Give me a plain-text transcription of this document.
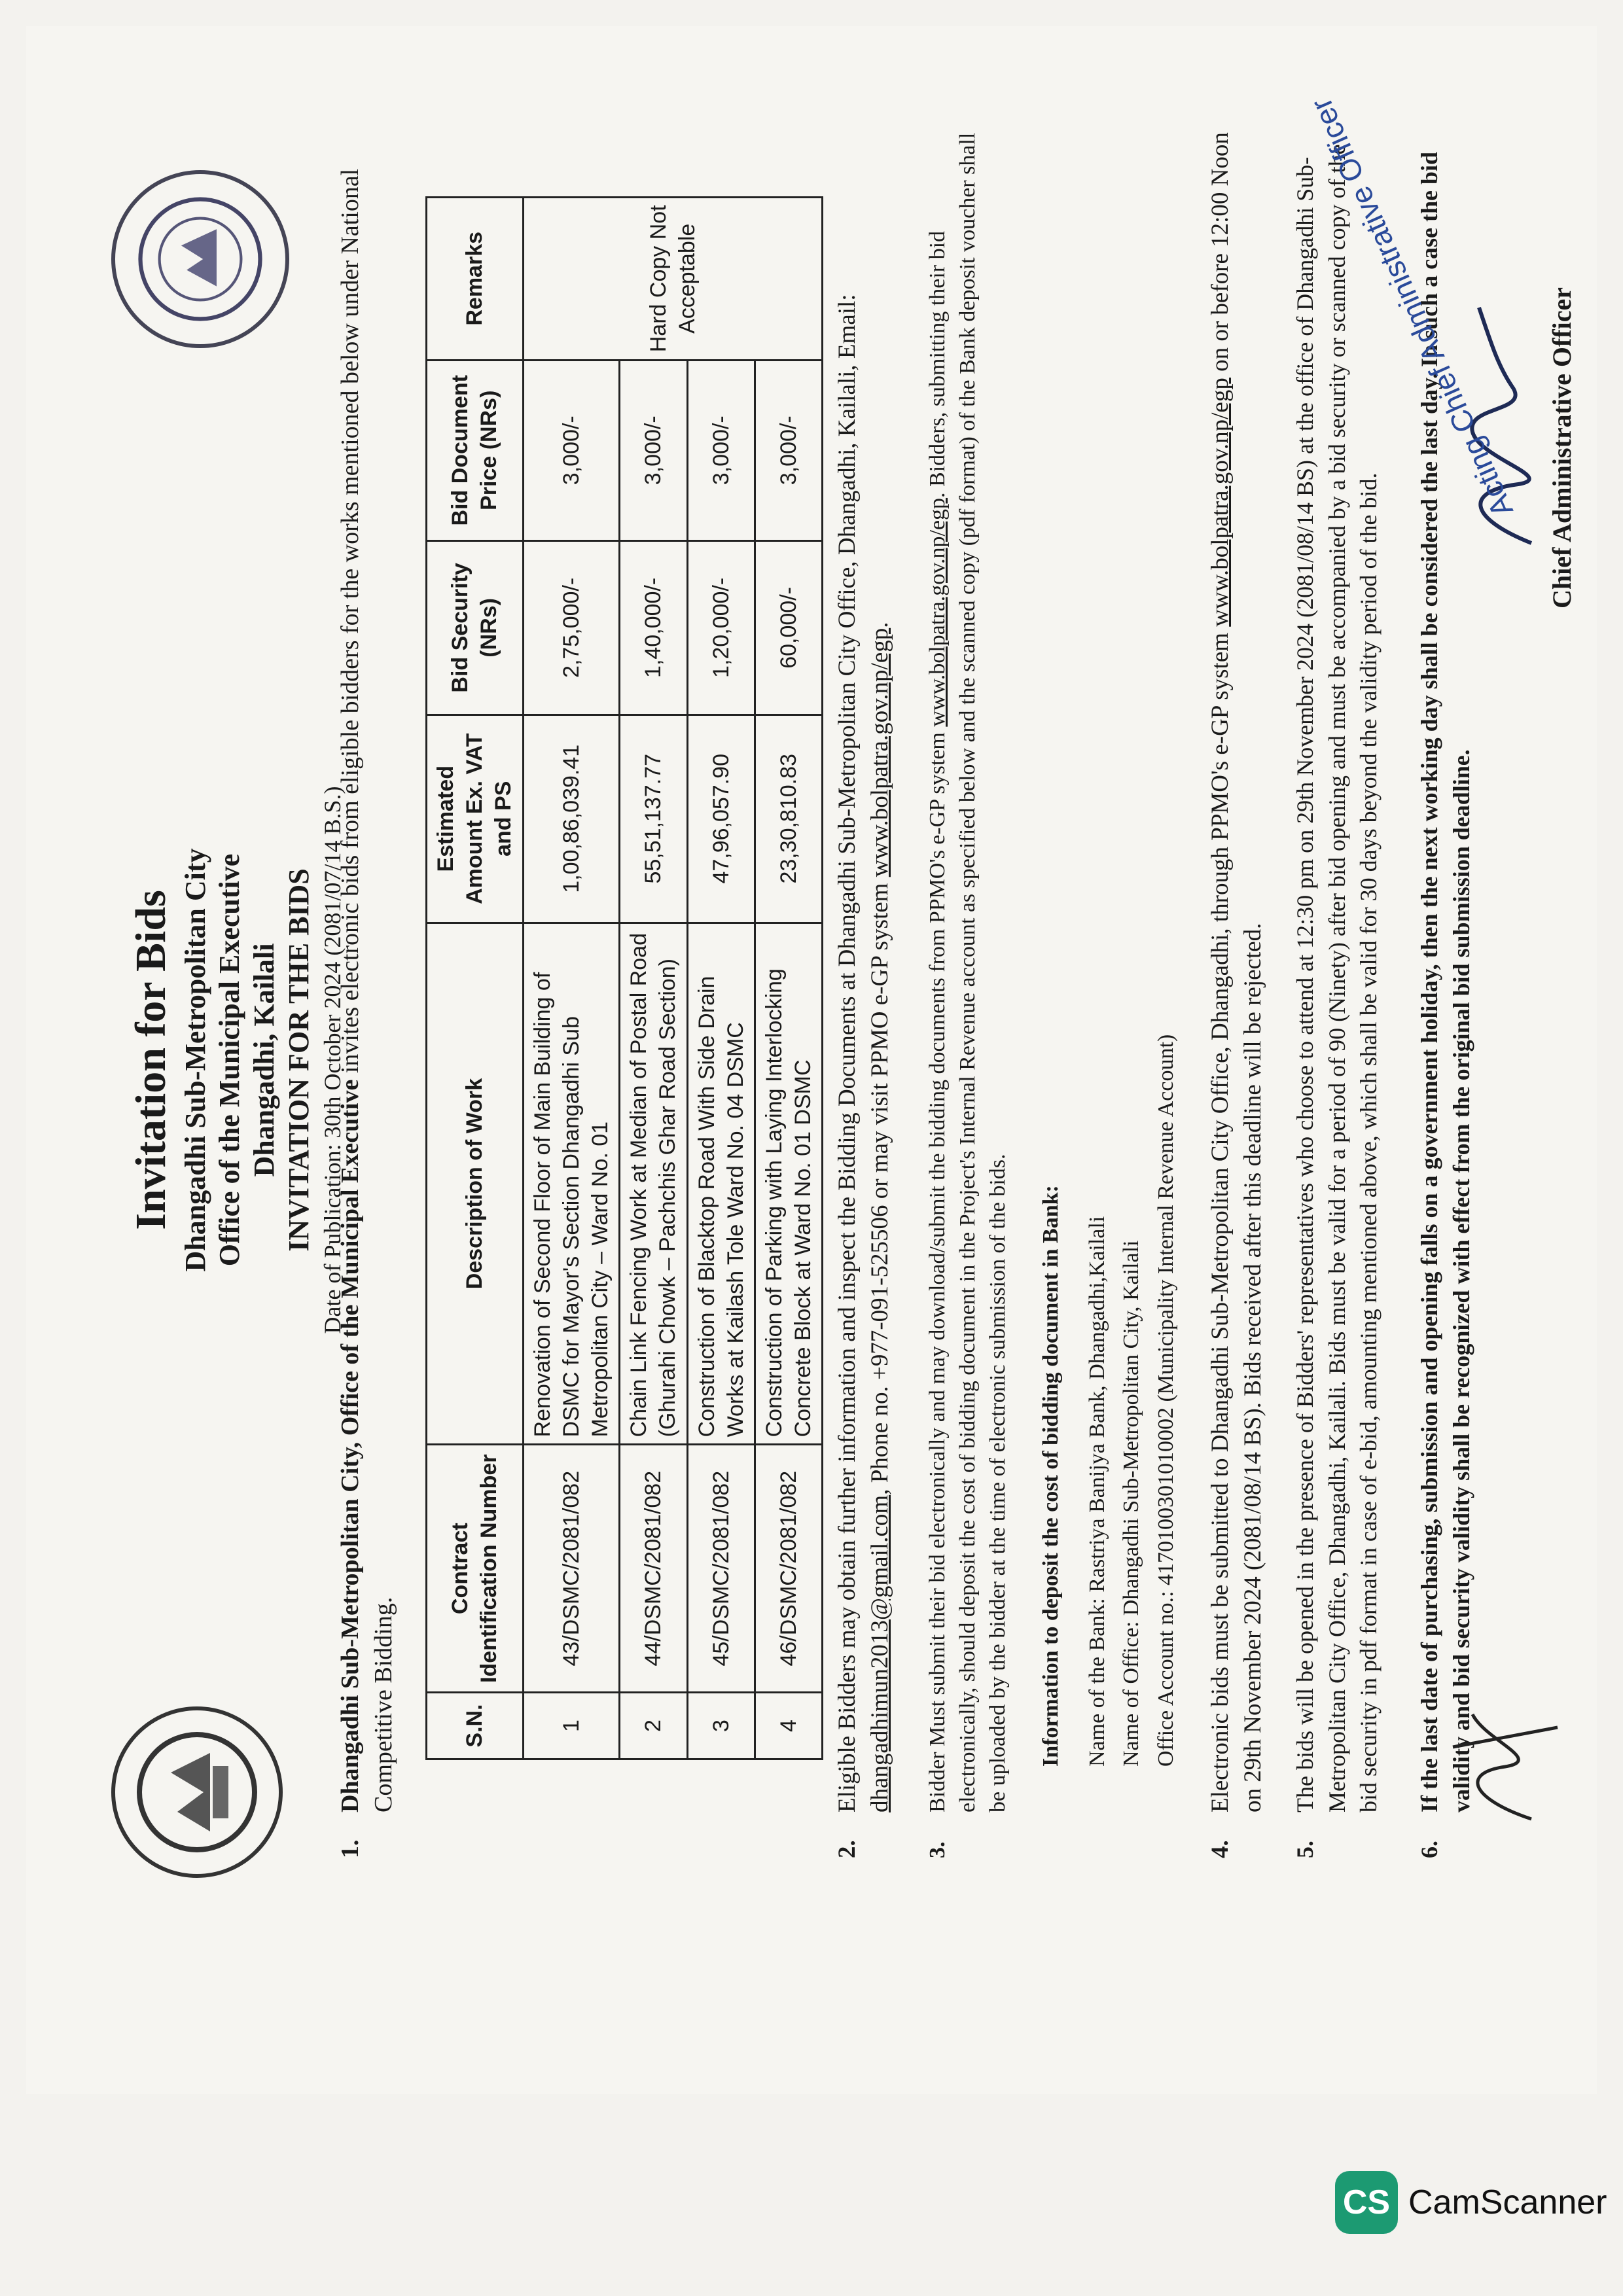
Invitation for Bids Dhangadhi Sub-Metropolitan City Office of the Municipal Executive Dhangadhi, Kailali INVITATION FOR THE BIDS Date of Publication: 30th October 2024 (2081/07/14 B.S.)
1.
Dhangadhi Sub-Metropolitan City, Office of the Municipal Executive invites electronic bids from eligible bidders for the works mentioned below under National Competitive Bidding.	S.N.	Contract Identification Number	Description of Work	Estimated Amount Ex. VAT and PS	Bid Security (NRs)	Bid Document Price (NRs)	Remarks
1	43/DSMC/2081/082	Renovation of Second Floor of Main Building of DSMC for Mayor's Section Dhangadhi Sub Metropolitan City – Ward No. 01	1,00,86,039.41	2,75,000/-	3,000/-	Hard Copy Not Acceptable
2	44/DSMC/2081/082	Chain Link Fencing Work at Median of Postal Road (Ghurahi Chowk – Pachchis Ghar Road Section)	55,51,137.77	1,40,000/-	3,000/-	
3	45/DSMC/2081/082	Construction of Blacktop Road With Side Drain Works at Kailash Tole Ward No. 04 DSMC	47,96,057.90	1,20,000/-	3,000/-	
4	46/DSMC/2081/082	Construction of Parking with Laying Interlocking Concrete Block at Ward No. 01 DSMC	23,30,810.83	60,000/-	3,000/-	
2.
Eligible Bidders may obtain further information and inspect the Bidding Documents at Dhangadhi Sub-Metropolitan City Office, Dhangadhi, Kailali, Email: dhangadhimun2013@gmail.com, Phone no. +977-091-525506 or may visit PPMO e-GP system www.bolpatra.gov.np/egp.
3.
Bidder Must submit their bid electronically and may download/submit the bidding documents from PPMO's e-GP system www.bolpatra.gov.np/egp. Bidders, submitting their bid electronically, should deposit the cost of bidding document in the Project's Internal Revenue account as specified below and the scanned copy (pdf format) of the Bank deposit voucher shall be uploaded by the bidder at the time of electronic submission of the bids. Information to deposit the cost of bidding document in Bank: Name of the Bank: Rastriya Banijya Bank, Dhangadhi,Kailali Name of Office: Dhangadhi Sub-Metropolitan City, Kailali Office Account no.: 41701003010100​02 (Municipality Internal Revenue Account)
4.
Electronic bids must be submitted to Dhangadhi Sub-Metropolitan City Office, Dhangadhi, through PPMO's e-GP system www.bolpatra.gov.np/egp on or before 12:00 Noon on 29th November 2024 (2081/08/14 BS). Bids received after this deadline will be rejected.
5.
The bids will be opened in the presence of Bidders' representatives who choose to attend at 12:30 pm on 29th November 2024 (2081/08/14 BS) at the office of Dhangadhi Sub-Metropolitan City Office, Dhangadhi, Kailali. Bids must be valid for a period of 90 (Ninety) after bid opening and must be accompanied by a bid security or scanned copy of the bid security in pdf format in case of e-bid, amounting mentioned above, which shall be valid for 30 days beyond the validity period of the bid.
6.
If the last date of purchasing, submission and opening falls on a government holiday, then the next working day shall be considered the last day. In such a case the bid validity and bid security validity shall be recognized with effect from the original bid submission deadline.
Acting Chief Administrative Officer Chief Administrative Officer
CS CamScanner
